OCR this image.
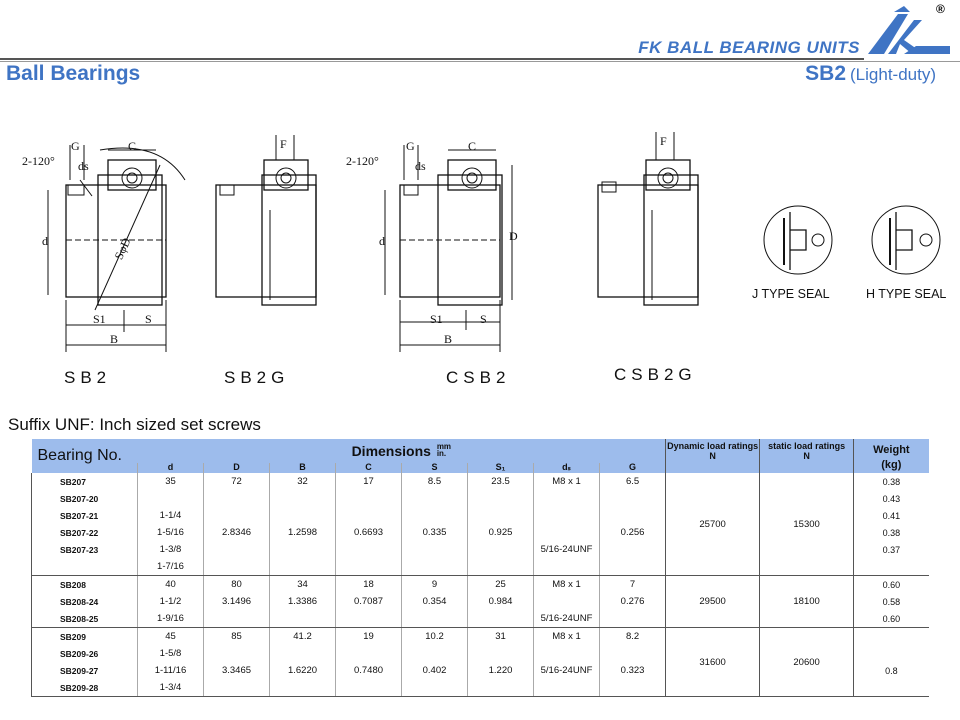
®
FK BALL BEARING UNITS
Ball Bearings	SB2 (Light-duty)
2-120°
G	C
ds
d	SφD
S1	S
B
F
2-120°
G	C
ds
d	D
S1	S
B
F
SB2	SB2G	CSB2	CSB2G
J TYPE SEAL	H TYPE SEAL
Suffix UNF: Inch sized set screws
Bearing No.	Dimensions mm
in.								Dynamic load ratings
N	static load ratings
N	Weight
(kg)
	d	D	B	C	S	S₁	dₛ	G			
SB207	35	72	32	17	8.5	23.5	M8 x 1	6.5	25700	15300	0.38
SB207-20											0.43
SB207-21	1-1/4										0.41
SB207-22	1-5/16	2.8346	1.2598	0.6693	0.335	0.925		0.256			0.38
SB207-23	1-3/8						5/16-24UNF				0.37
	1-7/16										
SB208	40	80	34	18	9	25	M8 x 1	7	29500	18100	0.60
SB208-24	1-1/2	3.1496	1.3386	0.7087	0.354	0.984		0.276			0.58
SB208-25	1-9/16						5/16-24UNF				0.60
SB209	45	85	41.2	19	10.2	31	M8 x 1	8.2	31600	20600	
SB209-26	1-5/8										
SB209-27	1-11/16	3.3465	1.6220	0.7480	0.402	1.220	5/16-24UNF	0.323			0.8
SB209-28	1-3/4										
